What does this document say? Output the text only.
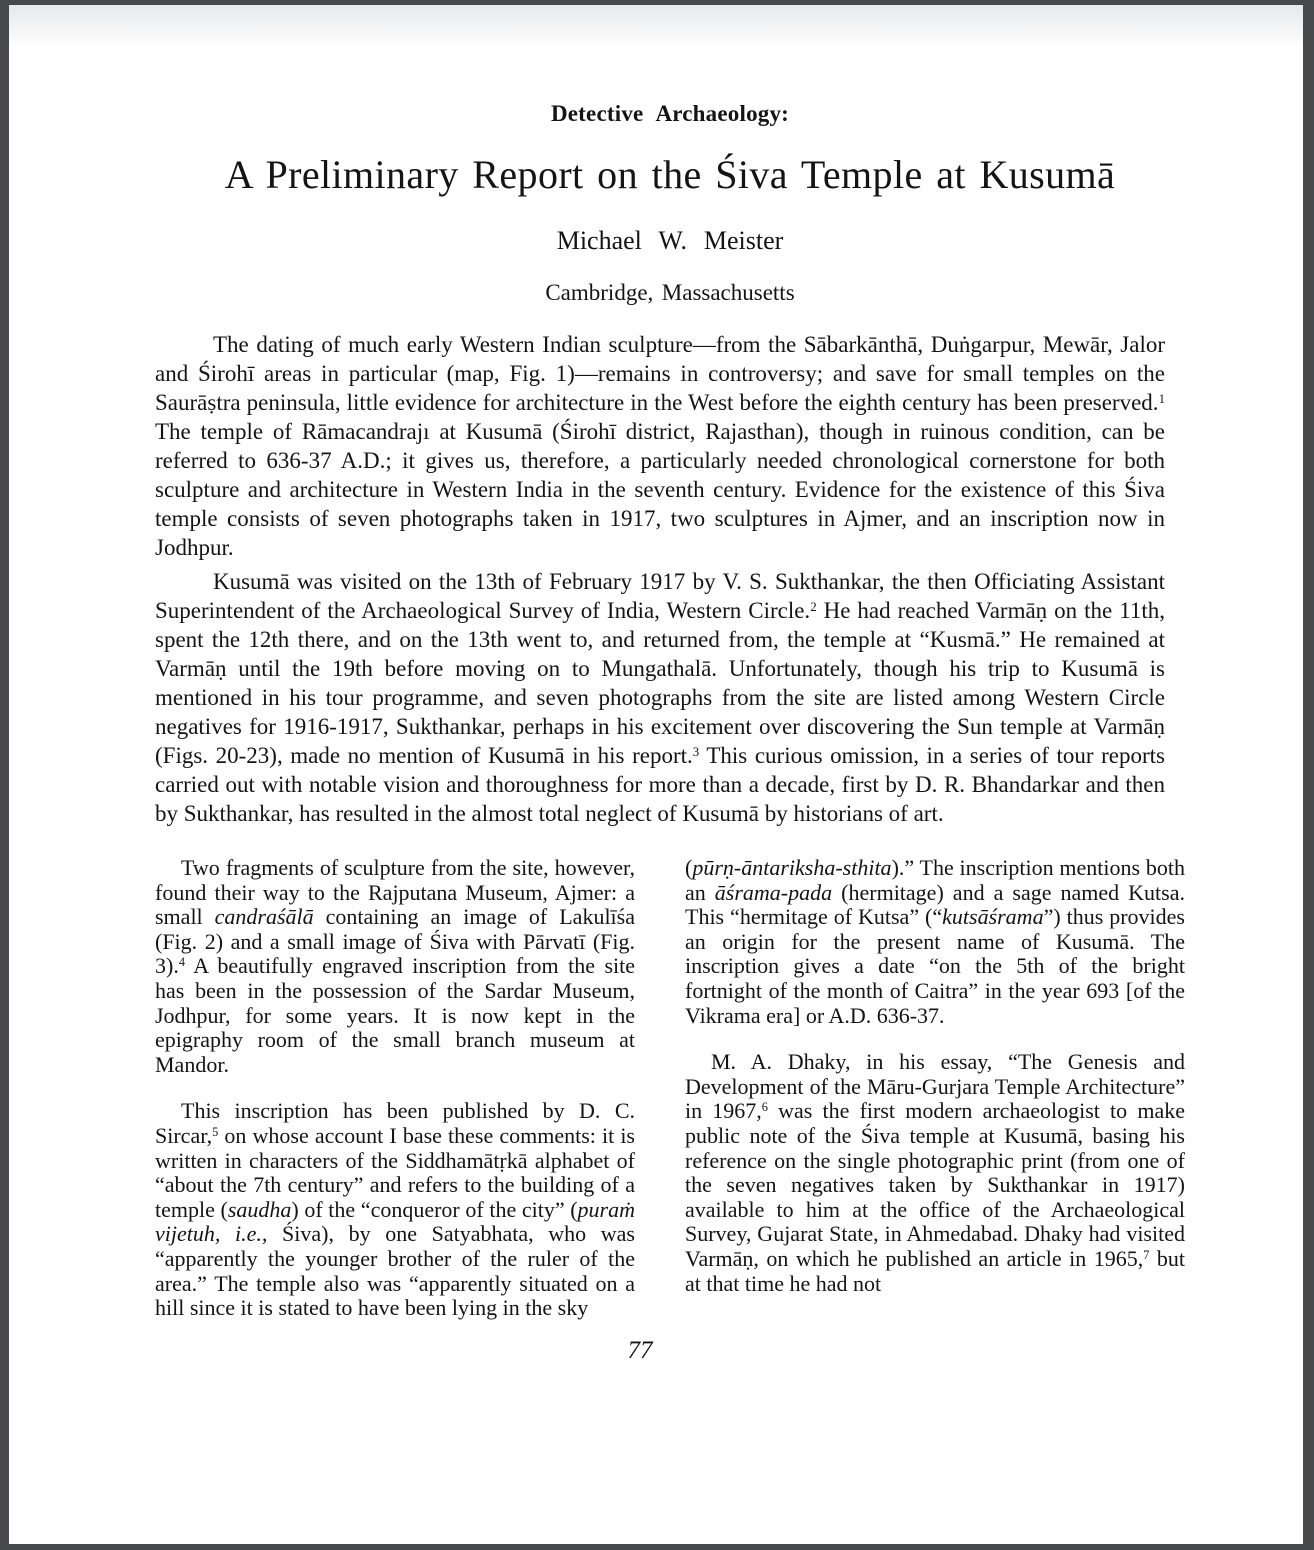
Detective Archaeology:
A Preliminary Report on the Śiva Temple at Kusumā
Michael W. Meister
Cambridge, Massachusetts

The dating of much early Western Indian sculpture—from the Sābarkānthā, Duṅgarpur, Mewār, Jalor and Śirohī areas in particular (map, Fig. 1)—remains in controversy; and save for small temples on the Saurāṣtra peninsula, little evidence for architecture in the West before the eighth century has been preserved.$^1$ The temple of Rāmacandrajı at Kusumā (Śirohī district, Rajasthan), though in ruinous condition, can be referred to 636-37 A.D.; it gives us, therefore, a particularly needed chronological cornerstone for both sculpture and architecture in Western India in the seventh century. Evidence for the existence of this Śiva temple consists of seven photographs taken in 1917, two sculptures in Ajmer, and an inscription now in Jodhpur.

Kusumā was visited on the 13th of February 1917 by V. S. Sukthankar, the then Officiating Assistant Superintendent of the Archaeological Survey of India, Western Circle.$^2$ He had reached Varmāṇ on the 11th, spent the 12th there, and on the 13th went to, and returned from, the temple at “Kusmā.” He remained at Varmāṇ until the 19th before moving on to Mungathalā. Unfortunately, though his trip to Kusumā is mentioned in his tour programme, and seven photographs from the site are listed among Western Circle negatives for 1916-1917, Sukthankar, perhaps in his excitement over discovering the Sun temple at Varmāṇ (Figs. 20-23), made no mention of Kusumā in his report.$^3$ This curious omission, in a series of tour reports carried out with notable vision and thoroughness for more than a decade, first by D. R. Bhandarkar and then by Sukthankar, has resulted in the almost total neglect of Kusumā by historians of art.

Two fragments of sculpture from the site, however, found their way to the Rajputana Museum, Ajmer: a small candraśālā containing an image of Lakulīśa (Fig. 2) and a small image of Śiva with Pārvatī (Fig. 3).$^4$ A beautifully engraved inscription from the site has been in the possession of the Sardar Museum, Jodhpur, for some years. It is now kept in the epigraphy room of the small branch museum at Mandor.

This inscription has been published by D. C. Sircar,$^5$ on whose account I base these comments: it is written in characters of the Siddhamātṛkā alphabet of “about the 7th century” and refers to the building of a temple (saudha) of the “conqueror of the city” (puraṁ vijetuh, i.e., Śiva), by one Satyabhata, who was “apparently the younger brother of the ruler of the area.” The temple also was “apparently situated on a hill since it is stated to have been lying in the sky

(pūrṇ-āntariksha-sthita).” The inscription mentions both an āśrama-pada (hermitage) and a sage named Kutsa. This “hermitage of Kutsa” (“kutsāśrama”) thus provides an origin for the present name of Kusumā. The inscription gives a date “on the 5th of the bright fortnight of the month of Caitra” in the year 693 [of the Vikrama era] or A.D. 636-37.

M. A. Dhaky, in his essay, “The Genesis and Development of the Māru-Gurjara Temple Architecture” in 1967,$^6$ was the first modern archaeologist to make public note of the Śiva temple at Kusumā, basing his reference on the single photographic print (from one of the seven negatives taken by Sukthankar in 1917) available to him at the office of the Archaeological Survey, Gujarat State, in Ahmedabad. Dhaky had visited Varmāṇ, on which he published an article in 1965,$^7$ but at that time he had not

77
